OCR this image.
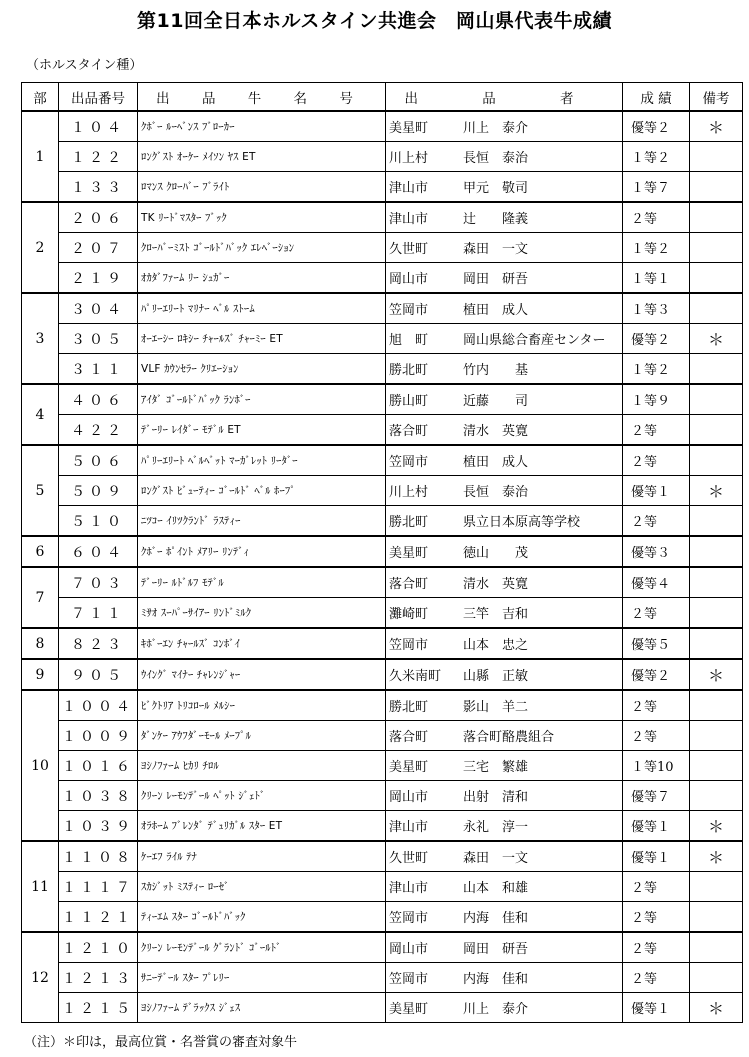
第11回全日本ホルスタイン共進会　岡山県代表牛成績
（ホルスタイン種）
部	出品番号	出 品 牛 名 号	出 品 者	成 績	備考
1	１０４	ｸﾎﾞｰ ﾙｰﾍﾞﾝｽ ﾌﾞﾛｰｶｰ	美星町 川上　泰介	優等２	＊
	１２２	ﾛﾝｸﾞｽﾄ ｵｰｹｰ ﾒｲｿﾝ ﾔｽ ET	川上村 長恒　泰治	１等２	
	１３３	ﾛﾏﾝｽ ｸﾛｰﾊﾞｰ ﾌﾞﾗｲﾄ	津山市 甲元　敬司	１等７	
2	２０６	TK ﾘｰﾄﾞﾏｽﾀｰ ﾌﾞｯｸ	津山市 辻　　隆義	２等	
	２０７	ｸﾛｰﾊﾞｰﾐｽﾄ ｺﾞｰﾙﾄﾞﾊﾞｯｸ ｴﾚﾍﾞｰｼｮﾝ	久世町 森田　一文	１等２	
	２１９	ｵｶﾀﾞﾌｧｰﾑ ﾘｰ ｼｭｶﾞｰ	岡山市 岡田　研吾	１等１	
3	３０４	ﾊﾟﾘｰｴﾘｰﾄ ﾏﾘﾅｰ ﾍﾞﾙ ｽﾄｰﾑ	笠岡市 植田　成人	１等３	
	３０５	ｵｰｴｰｼｰ ﾛｷｼｰ ﾁｬｰﾙｽﾞ ﾁｬｰﾐｰ ET	旭　町 岡山県総合畜産センター	優等２	＊
	３１１	VLF ｶｳﾝｾﾗｰ ｸﾘｴｰｼｮﾝ	勝北町 竹内　　基	１等２	
4	４０６	ｱｲﾀﾞ ｺﾞｰﾙﾄﾞﾊﾞｯｸ ﾗﾝﾎﾞｰ	勝山町 近藤　　司	１等９	
	４２２	ﾃﾞｰﾘｰ ﾚｲﾀﾞｰ ﾓﾃﾞﾙ ET	落合町 清水　英寛	２等	
5	５０６	ﾊﾟﾘｰｴﾘｰﾄ ﾍﾞﾙﾍﾞｯﾄ ﾏｰｶﾞﾚｯﾄ ﾘｰﾀﾞｰ	笠岡市 植田　成人	２等	
	５０９	ﾛﾝｸﾞｽﾄ ﾋﾞｭｰﾃｨｰ ｺﾞｰﾙﾄﾞ ﾍﾞﾙ ﾎｰﾌﾟ	川上村 長恒　泰治	優等１	＊
	５１０	ﾆﾂｺｰ ｲﾘﾂｸﾗﾝﾄﾞ ﾗｽﾃｨｰ	勝北町 県立日本原高等学校	２等	
6	６０４	ｸﾎﾞｰ ﾎﾟｲﾝﾄ ﾒｱﾘｰ ﾘﾝﾃﾞｨ	美星町 徳山　　茂	優等３	
7	７０３	ﾃﾞｰﾘｰ ﾙﾄﾞﾙﾌ ﾓﾃﾞﾙ	落合町 清水　英寛	優等４	
	７１１	ﾐｻｵ ｽｰﾊﾟｰｻｲｱｰ ﾘﾝﾄﾞﾐﾙｸ	灘崎町 三竿　吉和	２等	
8	８２３	ｷﾎﾞｰｴﾝ ﾁｬｰﾙｽﾞ ｺﾝﾎﾞｲ	笠岡市 山本　忠之	優等５	
9	９０５	ｳｲﾝｸﾞ ﾏｲﾅｰ ﾁｬﾚﾝｼﾞｬｰ	久米南町 山縣　正敏	優等２	＊
10	１００４	ﾋﾞｸﾄﾘｱ ﾄﾘｺﾛｰﾙ ﾒﾙｼｰ	勝北町 影山　羊二	２等	
	１００９	ﾀﾞﾝｹｰ ｱｳﾌﾀﾞｰﾓｰﾙ ﾒｰﾌﾟﾙ	落合町 落合町酪農組合	２等	
	１０１６	ﾖｼﾉﾌｧｰﾑ ﾋｶﾘ ﾁﾛﾙ	美星町 三宅　繁雄	１等10	
	１０３８	ｸﾘｰﾝ ﾚｰﾓﾝﾃﾞｰﾙ ﾍﾟｯﾄ ｼﾞｪﾄﾞ	岡山市 出射　清和	優等７	
	１０３９	ｵﾗﾎｰﾑ ﾌﾞﾚﾝﾀﾞ ﾃﾞｭﾘｶﾞﾙ ｽﾀｰ ET	津山市 永礼　淳一	優等１	＊
11	１１０８	ｹｰｴﾌ ﾗｲﾙ ﾃﾅ	久世町 森田　一文	優等１	＊
	１１１７	ｽｶｼﾞｯﾄ ﾐｽﾃｨｰ ﾛｰｾﾞ	津山市 山本　和雄	２等	
	１１２１	ﾃｨｰｴﾑ ｽﾀｰ ｺﾞｰﾙﾄﾞﾊﾞｯｸ	笠岡市 内海　佳和	２等	
12	１２１０	ｸﾘｰﾝ ﾚｰﾓﾝﾃﾞｰﾙ ｸﾞﾗﾝﾄﾞ ｺﾞｰﾙﾄﾞ	岡山市 岡田　研吾	２等	
	１２１３	ｻﾆｰﾃﾞｰﾙ ｽﾀｰ ﾌﾟﾚﾘｰ	笠岡市 内海　佳和	２等	
	１２１５	ﾖｼﾉﾌｧｰﾑ ﾃﾞﾗｯｸｽ ｼﾞｪｽ	美星町 川上　泰介	優等１	＊
（注）＊印は，最高位賞・名誉賞の審査対象牛
